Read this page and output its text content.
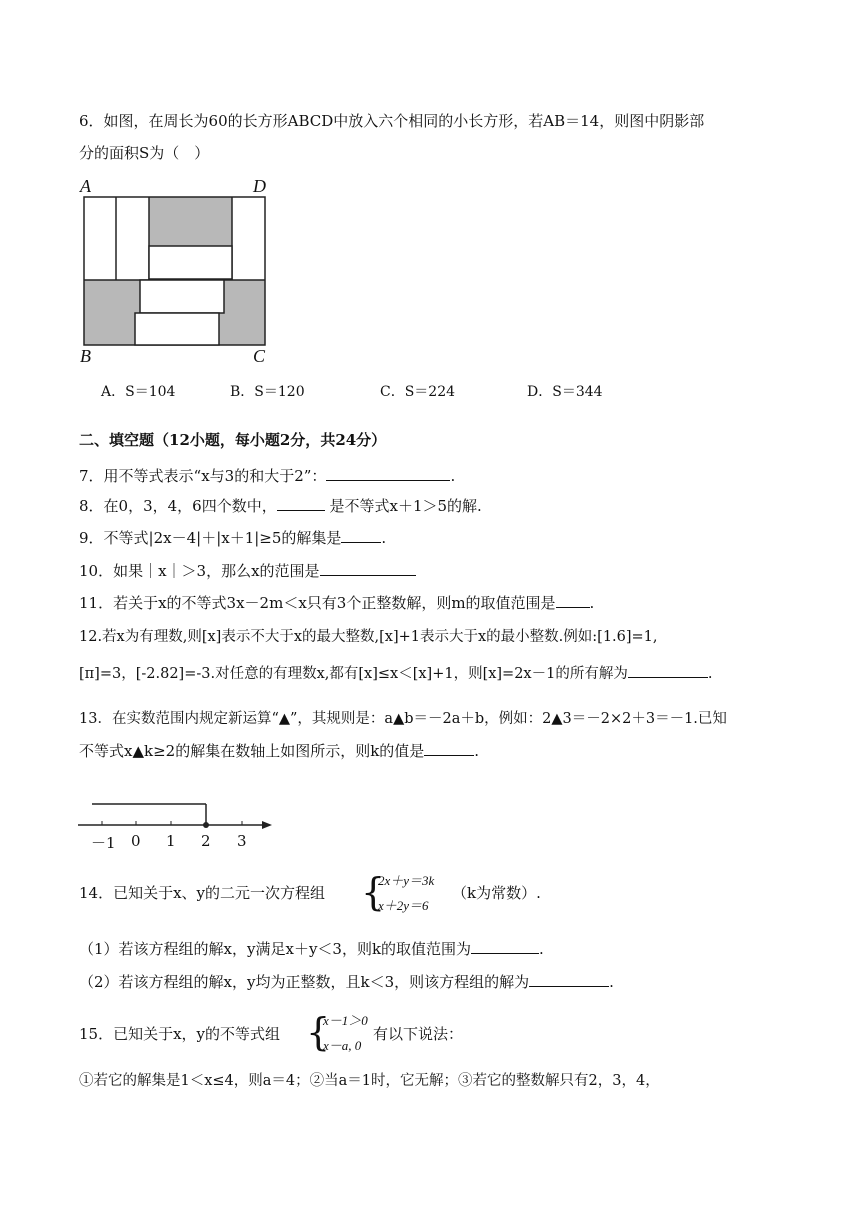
6．如图，在周长为60的长方形ABCD中放入六个相同的小长方形，若AB＝14，则图中阴影部
分的面积S为（　）
A	D
B	C
A．S＝104	B．S＝120	C．S＝224	D．S＝344
二、填空题（12小题，每小题2分，共24分）
7．用不等式表示“x与3的和大于2”：	.
8．在0，3，4，6四个数中，	是不等式x＋1＞5的解.
9．不等式|2x－4|＋|x＋1|≥5的解集是	.
10．如果｜x｜＞3，那么x的范围是
11．若关于x的不等式3x－2m＜x只有3个正整数解，则m的取值范围是 .
12.若x为有理数,则[x]表示不大于x的最大整数,[x]+1表示大于x的最小整数.例如:[1.6]=1,
[π]=3，[-2.82]=-3.对任意的有理数x,都有[x]≤x＜[x]+1，则[x]=2x－1的所有解为	.
13．在实数范围内规定新运算“▲”，其规则是：a▲b＝－2a＋b，例如：2▲3＝－2×2＋3＝－1.已知
不等式x▲k≥2的解集在数轴上如图所示，则k的值是	.
－1 0 1 2 3
14．已知关于x、y的二元一次方程组 {
2x＋y＝3k
x＋2y＝6
（k为常数）.
（1）若该方程组的解x，y满足x＋y＜3，则k的取值范围为	.
（2）若该方程组的解x，y均为正整数，且k＜3，则该方程组的解为	.
15．已知关于x，y的不等式组 {
x－1＞0
x－a, 0
有以下说法：
①若它的解集是1＜x≤4，则a＝4；②当a＝1时，它无解；③若它的整数解只有2，3，4，
